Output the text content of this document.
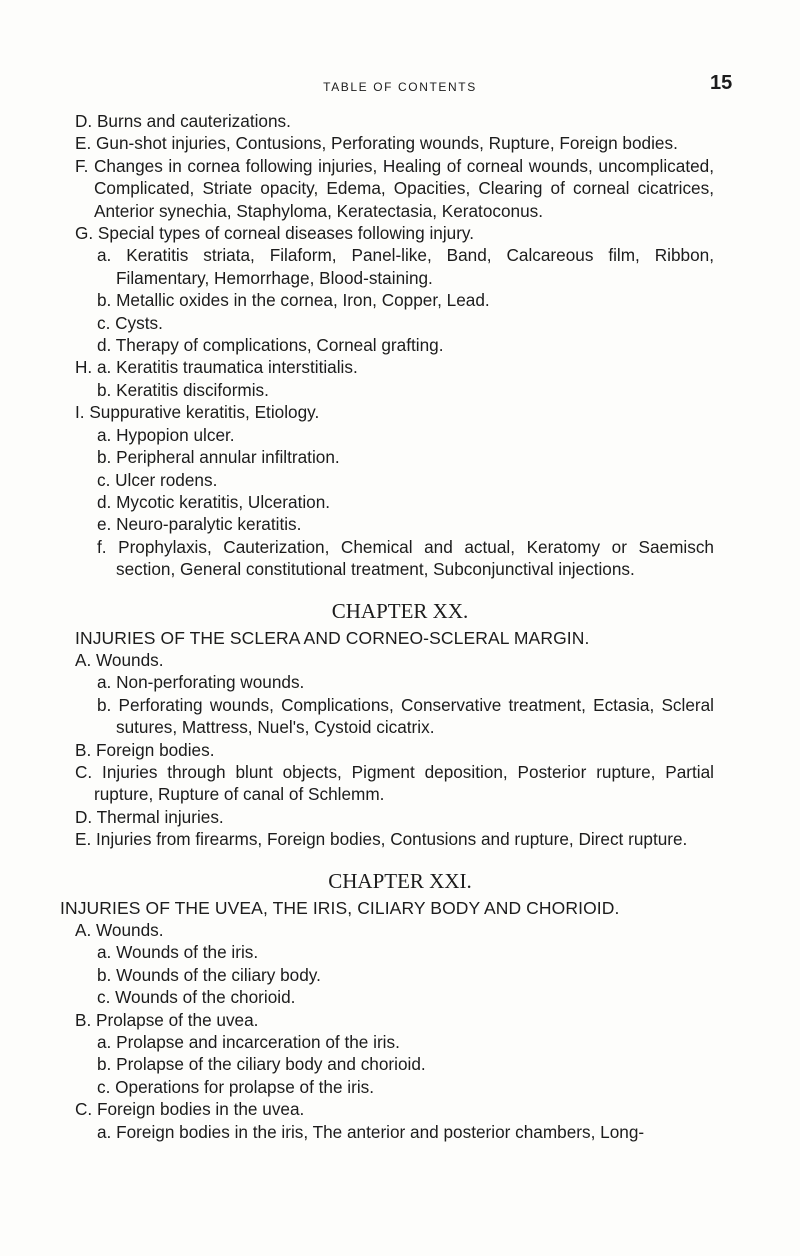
TABLE OF CONTENTS	15
D. Burns and cauterizations.
E. Gun-shot injuries, Contusions, Perforating wounds, Rupture, Foreign bodies.
F. Changes in cornea following injuries, Healing of corneal wounds, uncomplicated, Complicated, Striate opacity, Edema, Opacities, Clearing of corneal cicatrices, Anterior synechia, Staphyloma, Keratectasia, Keratoconus.
G. Special types of corneal diseases following injury.
a. Keratitis striata, Filaform, Panel-like, Band, Calcareous film, Ribbon, Filamentary, Hemorrhage, Blood-staining.
b. Metallic oxides in the cornea, Iron, Copper, Lead.
c. Cysts.
d. Therapy of complications, Corneal grafting.
H. a. Keratitis traumatica interstitialis.
b. Keratitis disciformis.
I. Suppurative keratitis, Etiology.
a. Hypopion ulcer.
b. Peripheral annular infiltration.
c. Ulcer rodens.
d. Mycotic keratitis, Ulceration.
e. Neuro-paralytic keratitis.
f. Prophylaxis, Cauterization, Chemical and actual, Keratomy or Saemisch section, General constitutional treatment, Subconjunctival injections.
CHAPTER XX.
INJURIES OF THE SCLERA AND CORNEO-SCLERAL MARGIN.
A. Wounds.
a. Non-perforating wounds.
b. Perforating wounds, Complications, Conservative treatment, Ectasia, Scleral sutures, Mattress, Nuel's, Cystoid cicatrix.
B. Foreign bodies.
C. Injuries through blunt objects, Pigment deposition, Posterior rupture, Partial rupture, Rupture of canal of Schlemm.
D. Thermal injuries.
E. Injuries from firearms, Foreign bodies, Contusions and rupture, Direct rupture.
CHAPTER XXI.
INJURIES OF THE UVEA, THE IRIS, CILIARY BODY AND CHORIOID.
A. Wounds.
a. Wounds of the iris.
b. Wounds of the ciliary body.
c. Wounds of the chorioid.
B. Prolapse of the uvea.
a. Prolapse and incarceration of the iris.
b. Prolapse of the ciliary body and chorioid.
c. Operations for prolapse of the iris.
C. Foreign bodies in the uvea.
a. Foreign bodies in the iris, The anterior and posterior chambers, Long-
